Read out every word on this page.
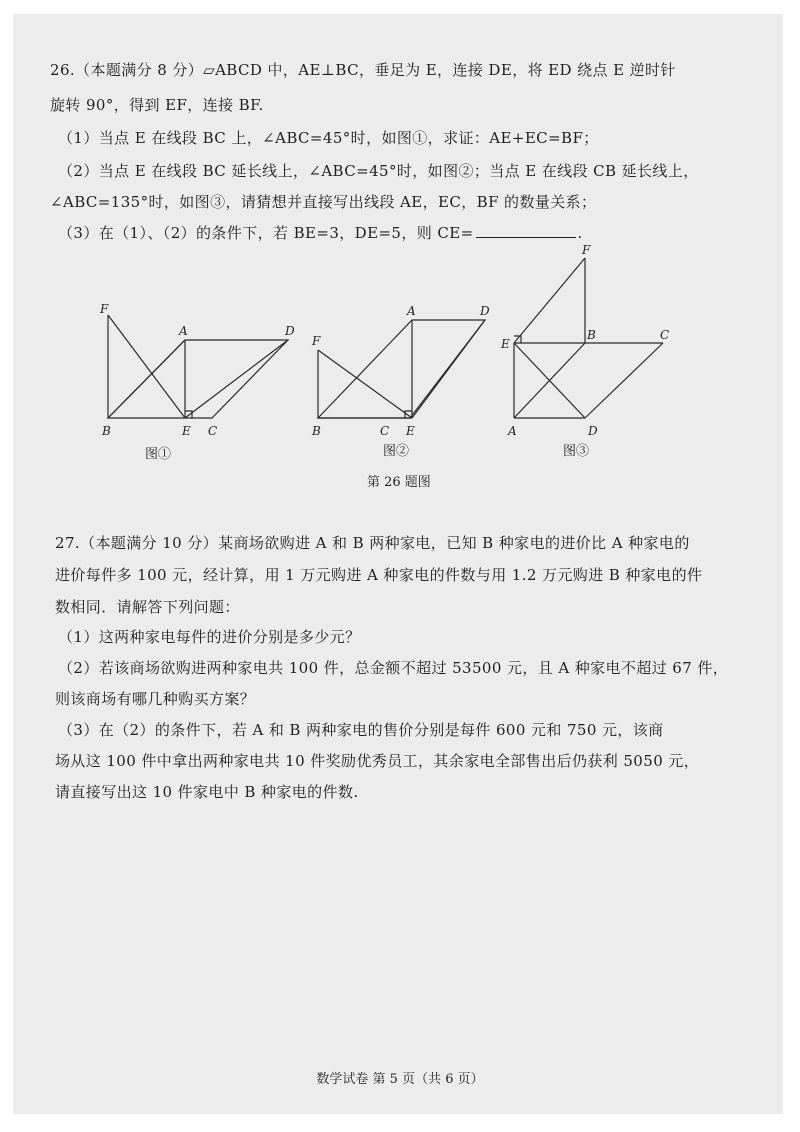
26.（本题满分 8 分）▱ABCD 中，AE⊥BC，垂足为 E，连接 DE，将 ED 绕点 E 逆时针
旋转 90°，得到 EF，连接 BF.
（1）当点 E 在线段 BC 上，∠ABC=45°时，如图①，求证：AE+EC=BF；
（2）当点 E 在线段 BC 延长线上，∠ABC=45°时，如图②；当点 E 在线段 CB 延长线上，
∠ABC=135°时，如图③，请猜想并直接写出线段 AE，EC，BF 的数量关系；
（3）在（1）、（2）的条件下，若 BE=3，DE=5，则 CE=	.
F
A	D
B	E C
图①
F
A	D
B	C E
图②
F
E
B	C
A	D
图③
第 26 题图
27.（本题满分 10 分）某商场欲购进 A 和 B 两种家电，已知 B 种家电的进价比 A 种家电的
进价每件多 100 元，经计算，用 1 万元购进 A 种家电的件数与用 1.2 万元购进 B 种家电的件
数相同．请解答下列问题：
（1）这两种家电每件的进价分别是多少元？
（2）若该商场欲购进两种家电共 100 件，总金额不超过 53500 元，且 A 种家电不超过 67 件，
则该商场有哪几种购买方案？
（3）在（2）的条件下，若 A 和 B 两种家电的售价分别是每件 600 元和 750 元，该商
场从这 100 件中拿出两种家电共 10 件奖励优秀员工，其余家电全部售出后仍获利 5050 元，
请直接写出这 10 件家电中 B 种家电的件数.
数学试卷 第 5 页（共 6 页）
